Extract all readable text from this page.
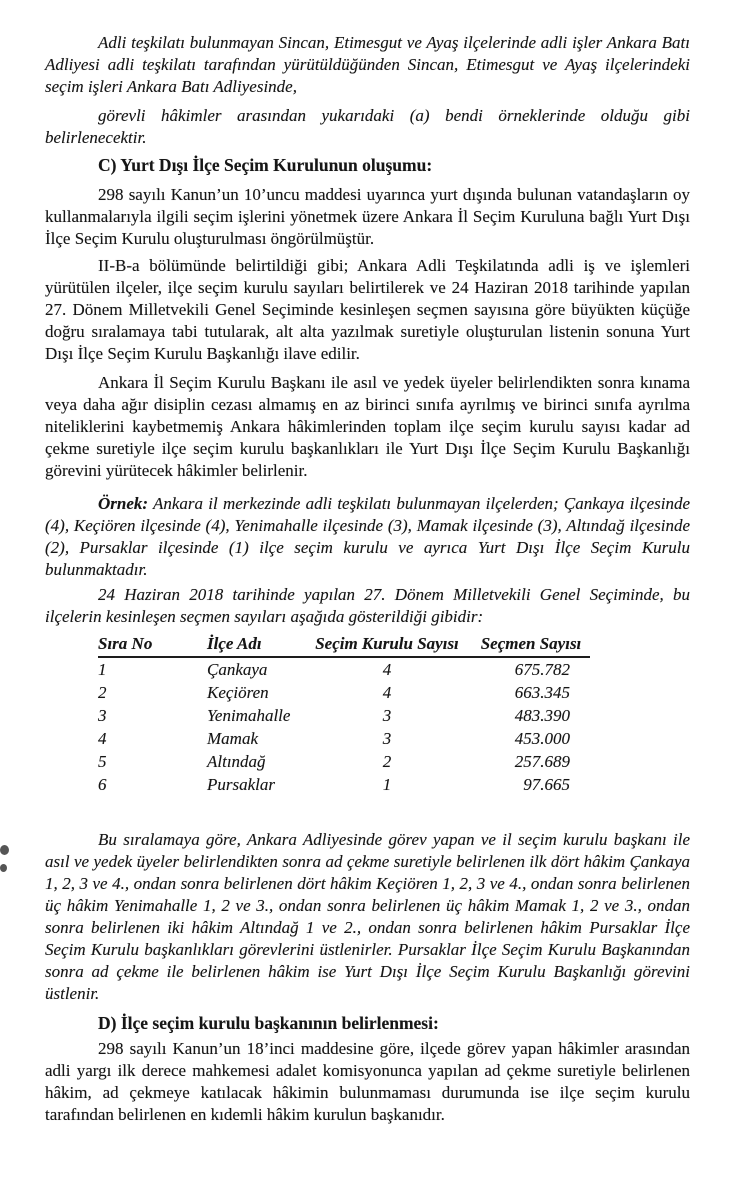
Adli teşkilatı bulunmayan Sincan, Etimesgut ve Ayaş ilçelerinde adli işler Ankara Batı Adliyesi adli teşkilatı tarafından yürütüldüğünden Sincan, Etimesgut ve Ayaş ilçelerindeki seçim işleri Ankara Batı Adliyesinde,

görevli hâkimler arasından yukarıdaki (a) bendi örneklerinde olduğu gibi belirlenecektir.

C) Yurt Dışı İlçe Seçim Kurulunun oluşumu:

298 sayılı Kanun’un 10’uncu maddesi uyarınca yurt dışında bulunan vatandaşların oy kullanmalarıyla ilgili seçim işlerini yönetmek üzere Ankara İl Seçim Kuruluna bağlı Yurt Dışı İlçe Seçim Kurulu oluşturulması öngörülmüştür.

II-B-a bölümünde belirtildiği gibi; Ankara Adli Teşkilatında adli iş ve işlemleri yürütülen ilçeler, ilçe seçim kurulu sayıları belirtilerek ve 24 Haziran 2018 tarihinde yapılan 27. Dönem Milletvekili Genel Seçiminde kesinleşen seçmen sayısına göre büyükten küçüğe doğru sıralamaya tabi tutularak, alt alta yazılmak suretiyle oluşturulan listenin sonuna Yurt Dışı İlçe Seçim Kurulu Başkanlığı ilave edilir.

Ankara İl Seçim Kurulu Başkanı ile asıl ve yedek üyeler belirlendikten sonra kınama veya daha ağır disiplin cezası almamış en az birinci sınıfa ayrılmış ve birinci sınıfa ayrılma niteliklerini kaybetmemiş Ankara hâkimlerinden toplam ilçe seçim kurulu sayısı kadar ad çekme suretiyle ilçe seçim kurulu başkanlıkları ile Yurt Dışı İlçe Seçim Kurulu Başkanlığı görevini yürütecek hâkimler belirlenir.

Örnek: Ankara il merkezinde adli teşkilatı bulunmayan ilçelerden; Çankaya ilçesinde (4), Keçiören ilçesinde (4), Yenimahalle ilçesinde (3), Mamak ilçesinde (3), Altındağ ilçesinde (2), Pursaklar ilçesinde (1) ilçe seçim kurulu ve ayrıca Yurt Dışı İlçe Seçim Kurulu bulunmaktadır.

24 Haziran 2018 tarihinde yapılan 27. Dönem Milletvekili Genel Seçiminde, bu ilçelerin kesinleşen seçmen sayıları aşağıda gösterildiği gibidir:

Sıra No	İlçe Adı	Seçim Kurulu Sayısı	Seçmen Sayısı
1	Çankaya	4	675.782
2	Keçiören	4	663.345
3	Yenimahalle	3	483.390
4	Mamak	3	453.000
5	Altındağ	2	257.689
6	Pursaklar	1	97.665

Bu sıralamaya göre, Ankara Adliyesinde görev yapan ve il seçim kurulu başkanı ile asıl ve yedek üyeler belirlendikten sonra ad çekme suretiyle belirlenen ilk dört hâkim Çankaya 1, 2, 3 ve 4., ondan sonra belirlenen dört hâkim Keçiören 1, 2, 3 ve 4., ondan sonra belirlenen üç hâkim Yenimahalle 1, 2 ve 3., ondan sonra belirlenen üç hâkim Mamak 1, 2 ve 3., ondan sonra belirlenen iki hâkim Altındağ 1 ve 2., ondan sonra belirlenen hâkim Pursaklar İlçe Seçim Kurulu başkanlıkları görevlerini üstlenirler. Pursaklar İlçe Seçim Kurulu Başkanından sonra ad çekme ile belirlenen hâkim ise Yurt Dışı İlçe Seçim Kurulu Başkanlığı görevini üstlenir.

D) İlçe seçim kurulu başkanının belirlenmesi:

298 sayılı Kanun’un 18’inci maddesine göre, ilçede görev yapan hâkimler arasından adli yargı ilk derece mahkemesi adalet komisyonunca yapılan ad çekme suretiyle belirlenen hâkim, ad çekmeye katılacak hâkimin bulunmaması durumunda ise ilçe seçim kurulu tarafından belirlenen en kıdemli hâkim kurulun başkanıdır.
